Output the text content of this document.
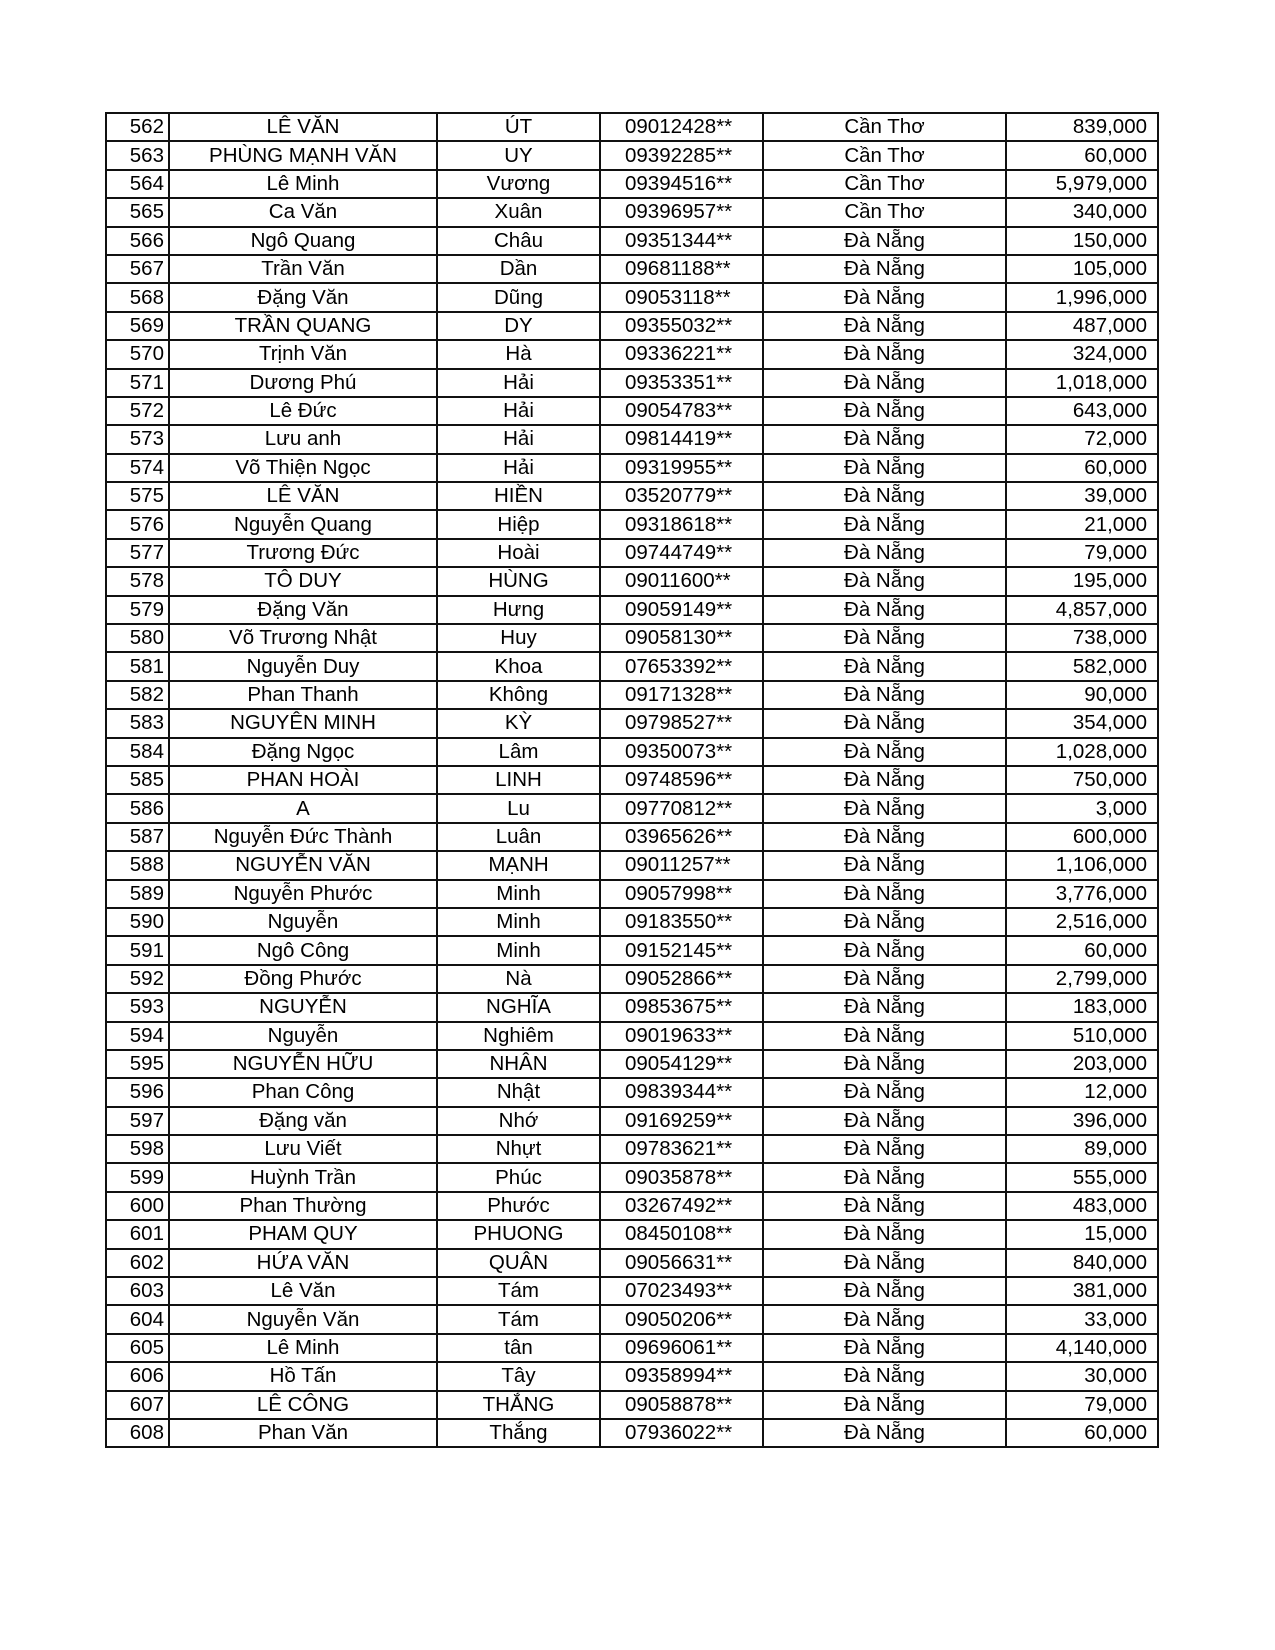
562	LÊ VĂN	ÚT	09012428**	Cần Thơ	839,000
563	PHÙNG MẠNH VĂN	UY	09392285**	Cần Thơ	60,000
564	Lê Minh	Vương	09394516**	Cần Thơ	5,979,000
565	Ca Văn	Xuân	09396957**	Cần Thơ	340,000
566	Ngô Quang	Châu	09351344**	Đà Nẵng	150,000
567	Trần Văn	Dần	09681188**	Đà Nẵng	105,000
568	Đặng Văn	Dũng	09053118**	Đà Nẵng	1,996,000
569	TRẦN QUANG	DY	09355032**	Đà Nẵng	487,000
570	Trịnh Văn	Hà	09336221**	Đà Nẵng	324,000
571	Dương Phú	Hải	09353351**	Đà Nẵng	1,018,000
572	Lê Đức	Hải	09054783**	Đà Nẵng	643,000
573	Lưu anh	Hải	09814419**	Đà Nẵng	72,000
574	Võ Thiện Ngọc	Hải	09319955**	Đà Nẵng	60,000
575	LÊ VĂN	HIỀN	03520779**	Đà Nẵng	39,000
576	Nguyễn Quang	Hiệp	09318618**	Đà Nẵng	21,000
577	Trương Đức	Hoài	09744749**	Đà Nẵng	79,000
578	TÔ DUY	HÙNG	09011600**	Đà Nẵng	195,000
579	Đặng Văn	Hưng	09059149**	Đà Nẵng	4,857,000
580	Võ Trương Nhật	Huy	09058130**	Đà Nẵng	738,000
581	Nguyễn Duy	Khoa	07653392**	Đà Nẵng	582,000
582	Phan Thanh	Không	09171328**	Đà Nẵng	90,000
583	NGUYÊN MINH	KỲ	09798527**	Đà Nẵng	354,000
584	Đặng Ngọc	Lâm	09350073**	Đà Nẵng	1,028,000
585	PHAN HOÀI	LINH	09748596**	Đà Nẵng	750,000
586	A	Lu	09770812**	Đà Nẵng	3,000
587	Nguyễn Đức Thành	Luân	03965626**	Đà Nẵng	600,000
588	NGUYỄN VĂN	MẠNH	09011257**	Đà Nẵng	1,106,000
589	Nguyễn Phước	Minh	09057998**	Đà Nẵng	3,776,000
590	Nguyễn	Minh	09183550**	Đà Nẵng	2,516,000
591	Ngô Công	Minh	09152145**	Đà Nẵng	60,000
592	Đồng Phước	Nà	09052866**	Đà Nẵng	2,799,000
593	NGUYỄN	NGHĨA	09853675**	Đà Nẵng	183,000
594	Nguyễn	Nghiêm	09019633**	Đà Nẵng	510,000
595	NGUYỄN HỮU	NHÂN	09054129**	Đà Nẵng	203,000
596	Phan Công	Nhật	09839344**	Đà Nẵng	12,000
597	Đặng văn	Nhớ	09169259**	Đà Nẵng	396,000
598	Lưu Viết	Nhựt	09783621**	Đà Nẵng	89,000
599	Huỳnh Trần	Phúc	09035878**	Đà Nẵng	555,000
600	Phan Thường	Phước	03267492**	Đà Nẵng	483,000
601	PHAM QUY	PHUONG	08450108**	Đà Nẵng	15,000
602	HỨA VĂN	QUÂN	09056631**	Đà Nẵng	840,000
603	Lê Văn	Tám	07023493**	Đà Nẵng	381,000
604	Nguyễn Văn	Tám	09050206**	Đà Nẵng	33,000
605	Lê Minh	tân	09696061**	Đà Nẵng	4,140,000
606	Hồ Tấn	Tây	09358994**	Đà Nẵng	30,000
607	LÊ CÔNG	THẮNG	09058878**	Đà Nẵng	79,000
608	Phan Văn	Thắng	07936022**	Đà Nẵng	60,000
